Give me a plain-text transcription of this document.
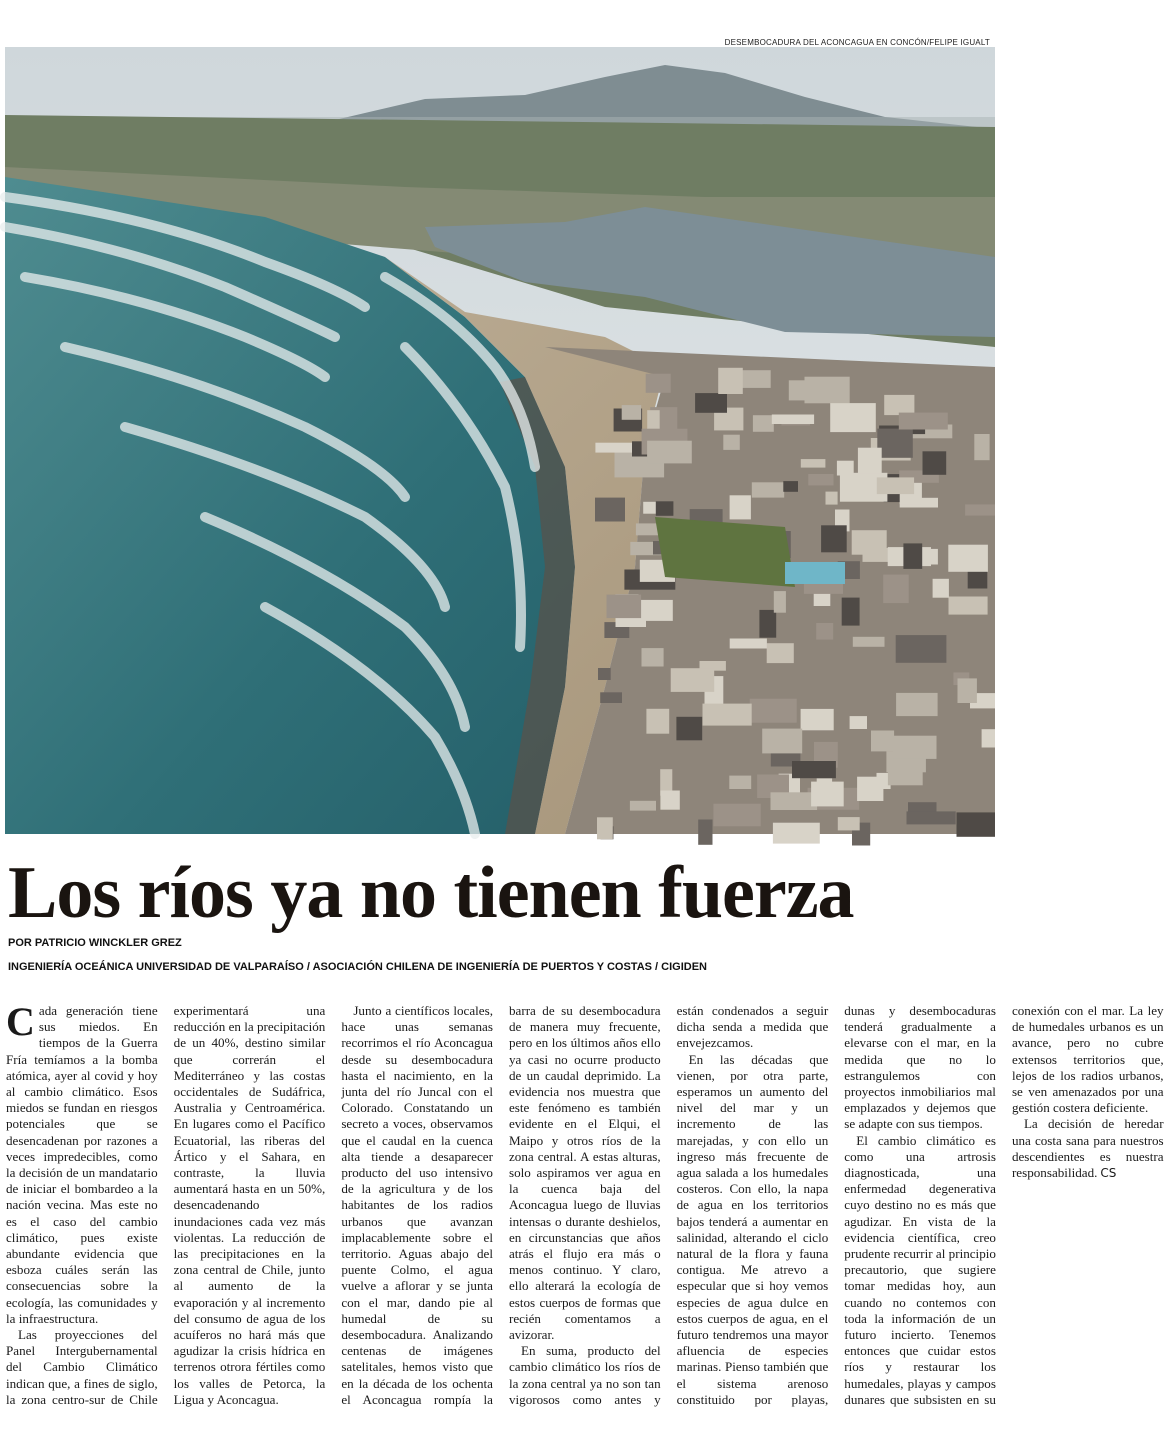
DESEMBOCADURA DEL ACONCAGUA EN CONCÓN/FELIPE IGUALT
Los ríos ya no tienen fuerza
POR PATRICIO WINCKLER GREZ
INGENIERÍA OCEÁNICA UNIVERSIDAD DE VALPARAÍSO / ASOCIACIÓN CHILENA DE INGENIERÍA DE PUERTOS Y COSTAS / CIGIDEN

Cada generación tiene sus miedos. En tiempos de la Guerra Fría temíamos a la bomba atómica, ayer al covid y hoy al cambio climático. Esos miedos se fundan en riesgos potenciales que se desencadenan por razones a veces impredecibles, como la decisión de un mandatario de iniciar el bombardeo a la nación vecina. Mas este no es el caso del cambio climático, pues existe abundante evidencia que esboza cuáles serán las consecuencias sobre la ecología, las comunidades y la infraestructura.

Las proyecciones del Panel Intergubernamental del Cambio Climático indican que, a fines de siglo, la zona centro-sur de Chile experimentará una reducción en la precipitación de un 40%, destino similar que correrán el Mediterráneo y las costas occidentales de Sudáfrica, Australia y Centroamérica. En lugares como el Pacífico Ecuatorial, las riberas del Ártico y el Sahara, en contraste, la lluvia aumentará hasta en un 50%, desencadenando inundaciones cada vez más violentas. La reducción de las precipitaciones en la zona central de Chile, junto al aumento de la evaporación y al incremento del consumo de agua de los acuíferos no hará más que agudizar la crisis hídrica en terrenos otrora fértiles como los valles de Petorca, la Ligua y Aconcagua.

Junto a científicos locales, hace unas semanas recorrimos el río Aconcagua desde su desembocadura hasta el nacimiento, en la junta del río Juncal con el Colorado. Constatando un secreto a voces, observamos que el caudal en la cuenca alta tiende a desaparecer producto del uso intensivo de la agricultura y de los habitantes de los radios urbanos que avanzan implacablemente sobre el territorio. Aguas abajo del puente Colmo, el agua vuelve a aflorar y se junta con el mar, dando pie al humedal de su desembocadura. Analizando centenas de imágenes satelitales, hemos visto que en la década de los ochenta el Aconcagua rompía la barra de su desembocadura de manera muy frecuente, pero en los últimos años ello ya casi no ocurre producto de un caudal deprimido. La evidencia nos muestra que este fenómeno es también evidente en el Elqui, el Maipo y otros ríos de la zona central. A estas alturas, solo aspiramos ver agua en la cuenca baja del Aconcagua luego de lluvias intensas o durante deshielos, en circunstancias que años atrás el flujo era más o menos continuo. Y claro, ello alterará la ecología de estos cuerpos de formas que recién comentamos a avizorar.

En suma, producto del cambio climático los ríos de la zona central ya no son tan vigorosos como antes y están condenados a seguir dicha senda a medida que envejezcamos.

En las décadas que vienen, por otra parte, esperamos un aumento del nivel del mar y un incremento de las marejadas, y con ello un ingreso más frecuente de agua salada a los humedales costeros. Con ello, la napa de agua en los territorios bajos tenderá a aumentar en salinidad, alterando el ciclo natural de la flora y fauna contigua. Me atrevo a especular que si hoy vemos especies de agua dulce en estos cuerpos de agua, en el futuro tendremos una mayor afluencia de especies marinas. Pienso también que el sistema arenoso constituido por playas, dunas y desembocaduras tenderá gradualmente a elevarse con el mar, en la medida que no lo estrangulemos con proyectos inmobiliarios mal emplazados y dejemos que se adapte con sus tiempos.

El cambio climático es como una artrosis diagnosticada, una enfermedad degenerativa cuyo destino no es más que agudizar. En vista de la evidencia científica, creo prudente recurrir al principio precautorio, que sugiere tomar medidas hoy, aun cuando no contemos con toda la información de un futuro incierto. Tenemos entonces que cuidar estos ríos y restaurar los humedales, playas y campos dunares que subsisten en su conexión con el mar. La ley de humedales urbanos es un avance, pero no cubre extensos territorios que, lejos de los radios urbanos, se ven amenazados por una gestión costera deficiente.

La decisión de heredar una costa sana para nuestros descendientes es nuestra responsabilidad. CS
